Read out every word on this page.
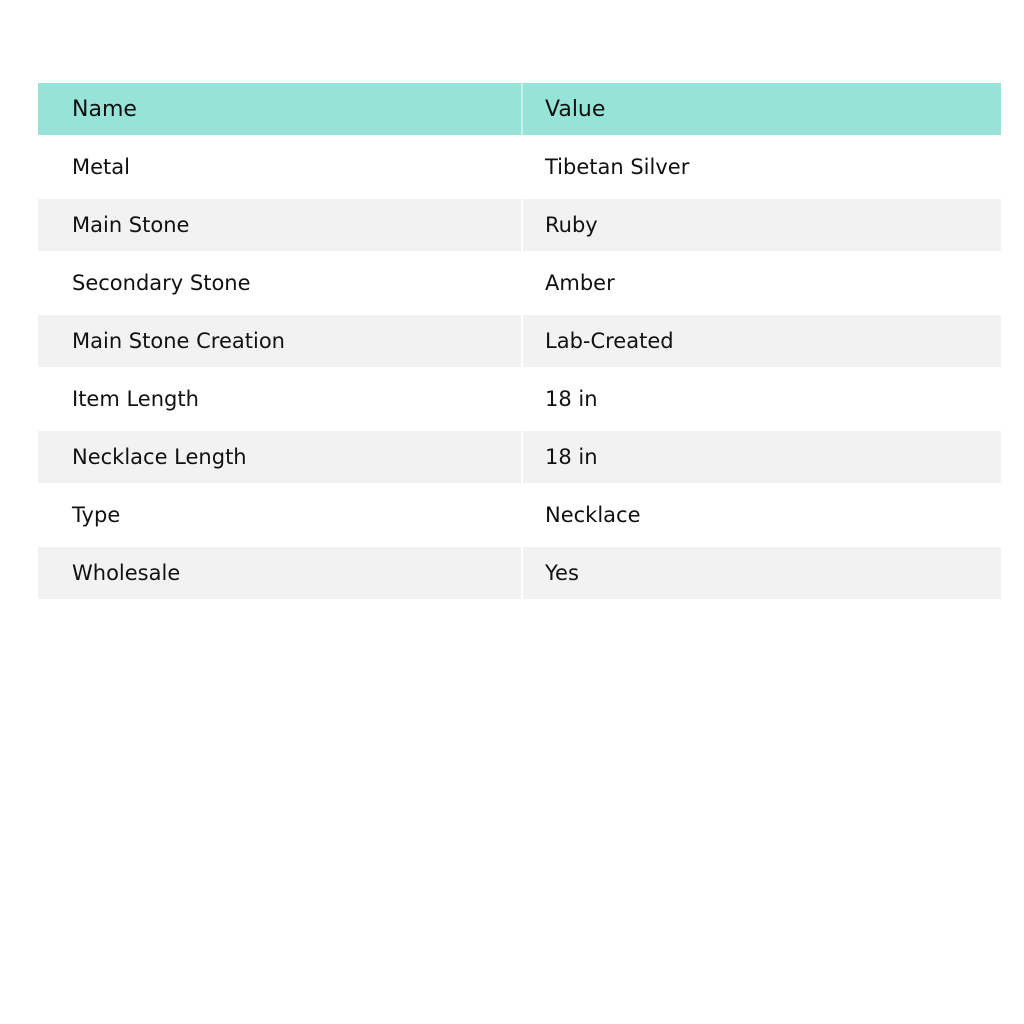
Name	Value
Metal	Tibetan Silver
Main Stone	Ruby
Secondary Stone	Amber
Main Stone Creation	Lab-Created
Item Length	18 in
Necklace Length	18 in
Type	Necklace
Wholesale	Yes
